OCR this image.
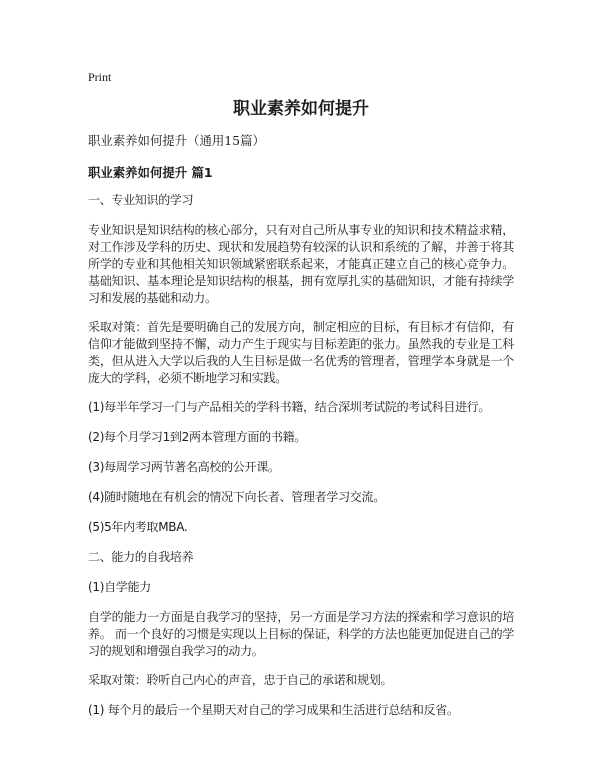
Print
职业素养如何提升
职业素养如何提升（通用15篇）
职业素养如何提升 篇1
一、专业知识的学习
专业知识是知识结构的核心部分，只有对自己所从事专业的知识和技术精益求精，对工作涉及学科的历史、现状和发展趋势有较深的认识和系统的了解，并善于将其所学的专业和其他相关知识领域紧密联系起来，才能真正建立自己的核心竞争力。基础知识、基本理论是知识结构的根基，拥有宽厚扎实的基础知识，才能有持续学习和发展的基础和动力。
采取对策：首先是要明确自己的发展方向，制定相应的目标，有目标才有信仰，有信仰才能做到坚持不懈，动力产生于现实与目标差距的张力。虽然我的专业是工科类，但从进入大学以后我的人生目标是做一名优秀的管理者，管理学本身就是一个庞大的学科，必须不断地学习和实践。
(1)每半年学习一门与产品相关的学科书籍，结合深圳考试院的考试科目进行。
(2)每个月学习1到2两本管理方面的书籍。
(3)每周学习两节著名高校的公开课。
(4)随时随地在有机会的情况下向长者、管理者学习交流。
(5)5年内考取MBA.
二、能力的自我培养
(1)自学能力
自学的能力一方面是自我学习的坚持，另一方面是学习方法的探索和学习意识的培养。 而一个良好的习惯是实现以上目标的保证，科学的方法也能更加促进自己的学习的规划和增强自我学习的动力。
采取对策：聆听自己内心的声音，忠于自己的承诺和规划。
(1) 每个月的最后一个星期天对自己的学习成果和生活进行总结和反省。
